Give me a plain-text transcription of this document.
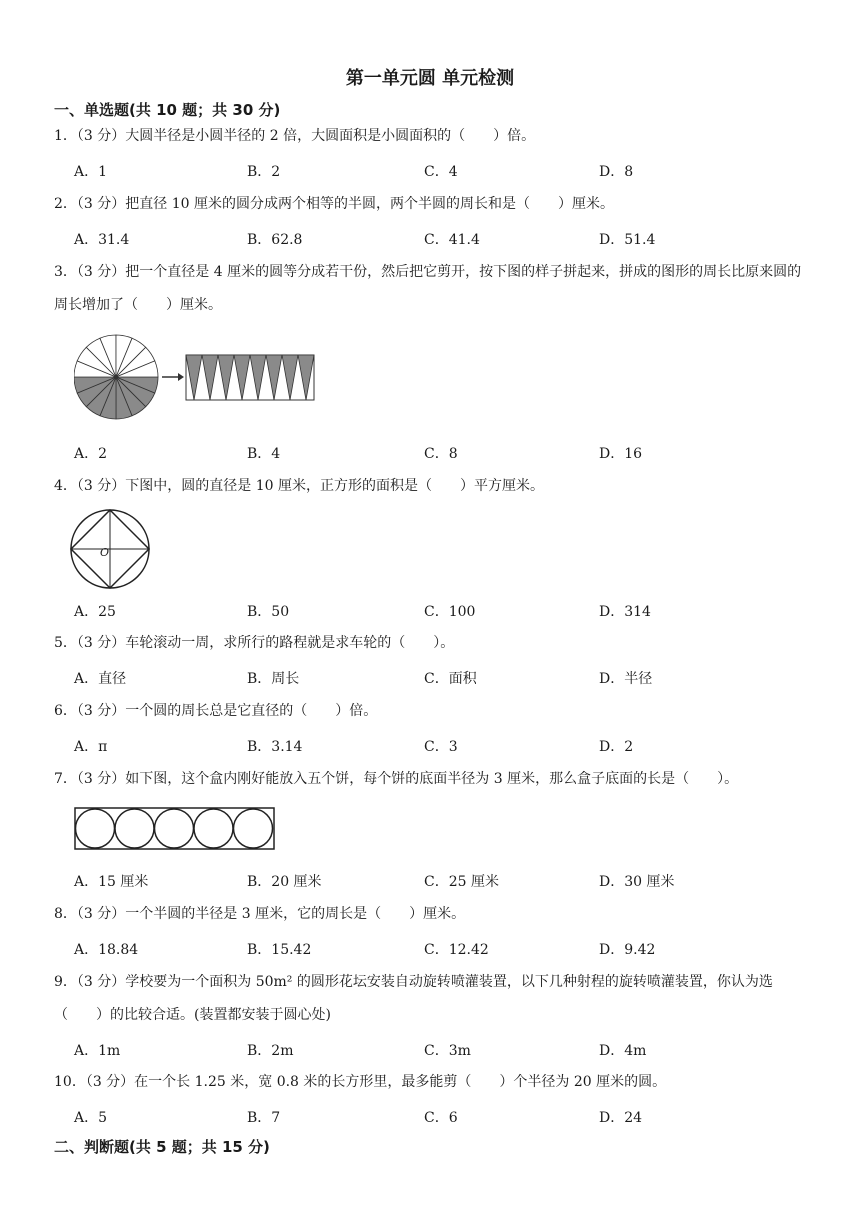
第一单元圆 单元检测
一、单选题(共 10 题；共 30 分)
1．（3 分）大圆半径是小圆半径的 2 倍，大圆面积是小圆面积的（　　）倍。
A．1	B．2	C．4	D．8
2．（3 分）把直径 10 厘米的圆分成两个相等的半圆，两个半圆的周长和是（　　）厘米。
A．31.4	B．62.8	C．41.4	D．51.4
3．（3 分）把一个直径是 4 厘米的圆等分成若干份，然后把它剪开，按下图的样子拼起来，拼成的图形的周长比原来圆的周长增加了（　　）厘米。
A．2	B．4	C．8	D．16
4．（3 分）下图中，圆的直径是 10 厘米，正方形的面积是（　　）平方厘米。
O
A．25	B．50	C．100	D．314
5．（3 分）车轮滚动一周，求所行的路程就是求车轮的（　　）。
A．直径	B．周长	C．面积	D．半径
6．（3 分）一个圆的周长总是它直径的（　　）倍。
A．π	B．3.14	C．3	D．2
7．（3 分）如下图，这个盒内刚好能放入五个饼，每个饼的底面半径为 3 厘米，那么盒子底面的长是（　　）。
A．15 厘米	B．20 厘米	C．25 厘米	D．30 厘米
8．（3 分）一个半圆的半径是 3 厘米，它的周长是（　　）厘米。
A．18.84	B．15.42	C．12.42	D．9.42
9．（3 分）学校要为一个面积为 50m² 的圆形花坛安装自动旋转喷灌装置，以下几种射程的旋转喷灌装置，你认为选（　　）的比较合适。(装置都安装于圆心处)
A．1m	B．2m	C．3m	D．4m
10．（3 分）在一个长 1.25 米，宽 0.8 米的长方形里，最多能剪（　　）个半径为 20 厘米的圆。
A．5	B．7	C．6	D．24
二、判断题(共 5 题；共 15 分)
